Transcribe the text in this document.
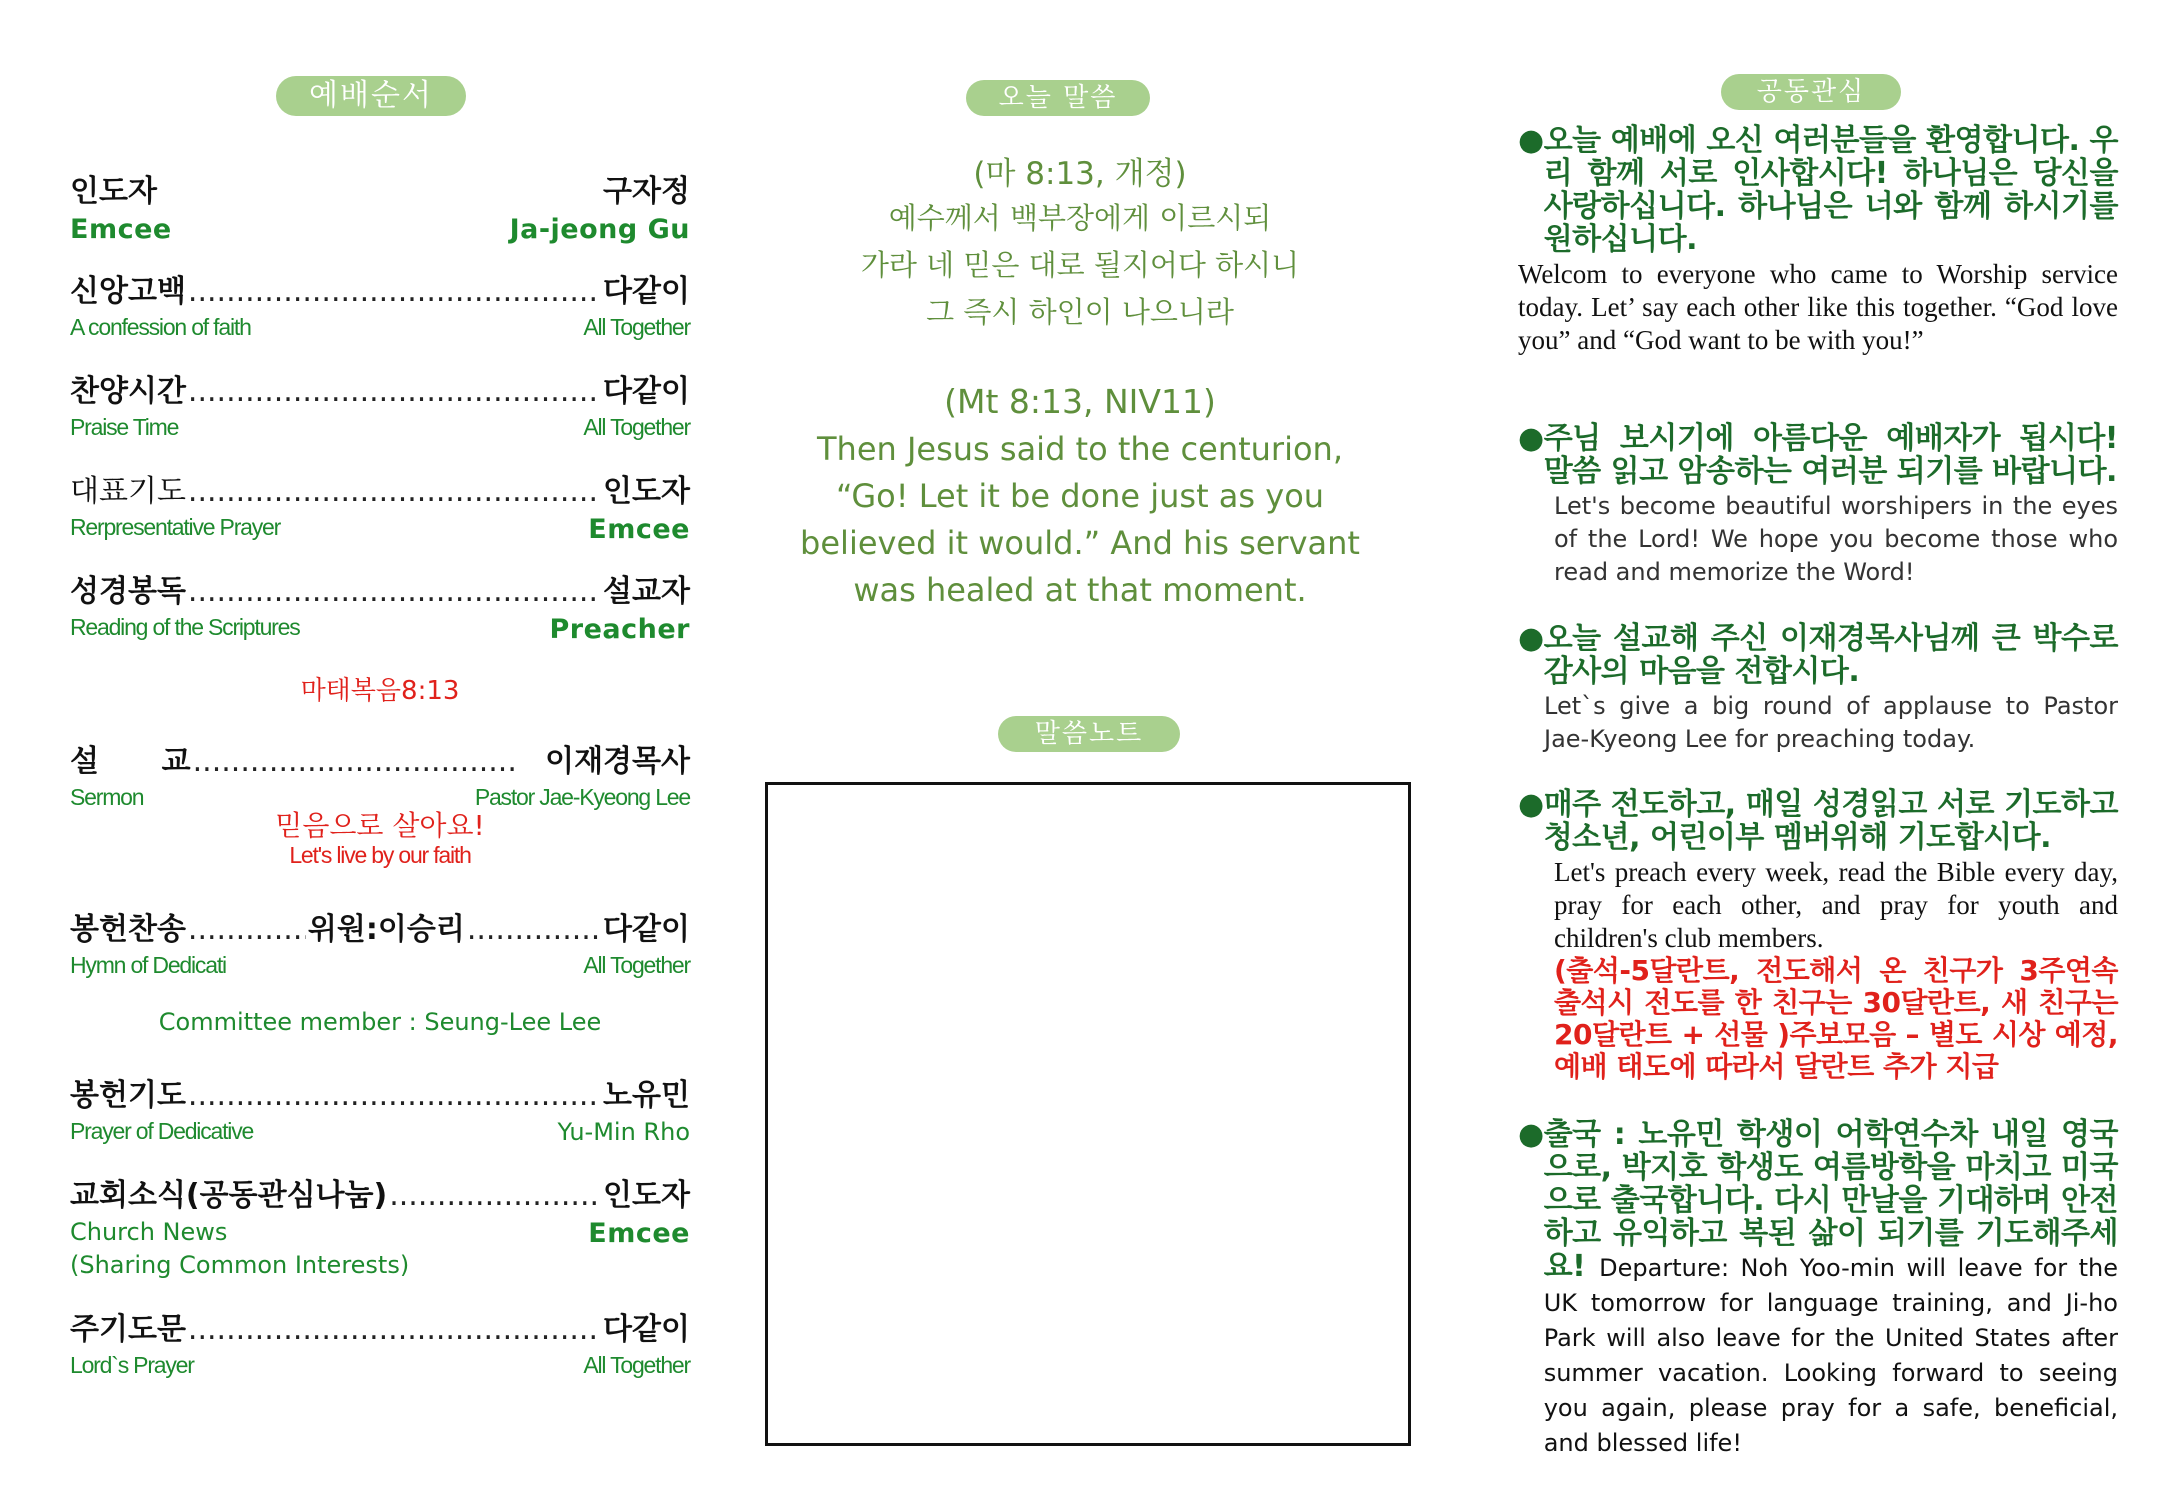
예배순서
인도자	구자정
Emcee	Ja-jeong Gu
신앙고백 .....	다같이
A confession of faith	All Together
찬양시간 .....	다같이
Praise Time	All Together
대표기도 .....	인도자
Rerpresentative Prayer	Emcee
성경봉독 .....	설교자
Reading of the Scriptures	Preacher
마태복음8:13
설      교 .....	이재경목사
Sermon	Pastor Jae-Kyeong Lee
믿음으로 살아요!
Let's live by our faith
봉헌찬송 .....	위원:이승리 .....	다같이
Hymn of Dedicati	All Together
Committee member : Seung-Lee Lee
봉헌기도 .....	노유민
Prayer of Dedicative	Yu-Min Rho
교회소식(공동관심나눔) .....	인도자
Church News	Emcee
(Sharing Common Interests)
주기도문 .....	다같이
Lord`s Prayer	All Together
오늘 말씀
(마 8:13, 개정)
예수께서 백부장에게 이르시되
가라 네 믿은 대로 될지어다 하시니
그 즉시 하인이 나으니라
(Mt 8:13, NIV11)
Then Jesus said to the centurion,
“Go! Let it be done just as you
believed it would.” And his servant
was healed at that moment.
말씀노트
공동관심
● 오늘 예배에 오신 여러분들을 환영합니다. 우리 함께 서로 인사합시다! 하나님은 당신을 사랑하십니다. 하나님은 너와 함께 하시기를 원하십니다.
Welcom to everyone who came to Worship service today. Let’ say each other like this together. “God love you” and “God want to be with you!”
● 주님 보시기에 아름다운 예배자가 됩시다! 말씀 읽고 암송하는 여러분 되기를 바랍니다.
Let's become beautiful worshipers in the eyes of the Lord! We hope you become those who read and memorize the Word!
● 오늘 설교해 주신 이재경목사님께 큰 박수로 감사의 마음을 전합시다.
Let`s give a big round of applause to Pastor Jae-Kyeong Lee for preaching today.
● 매주 전도하고, 매일 성경읽고 서로 기도하고 청소년, 어린이부 멤버위해 기도합시다.
Let's preach every week, read the Bible every day, pray for each other, and pray for youth and children's club members.
(출석-5달란트, 전도해서 온 친구가 3주연속 출석시 전도를 한 친구는 30달란트, 새 친구는 20달란트 + 선물 )주보모음 – 별도 시상 예정, 예배 태도에 따라서 달란트 추가 지급
● 출국 : 노유민 학생이 어학연수차 내일 영국으로, 박지호 학생도 여름방학을 마치고 미국으로 출국합니다. 다시 만날을 기대하며 안전하고 유익하고 복된 삶이 되기를 기도해주세요! Departure: Noh Yoo-min will leave for the UK tomorrow for language training, and Ji-ho Park will also leave for the United States after summer vacation. Looking forward to seeing you again, please pray for a safe, beneficial, and blessed life!
